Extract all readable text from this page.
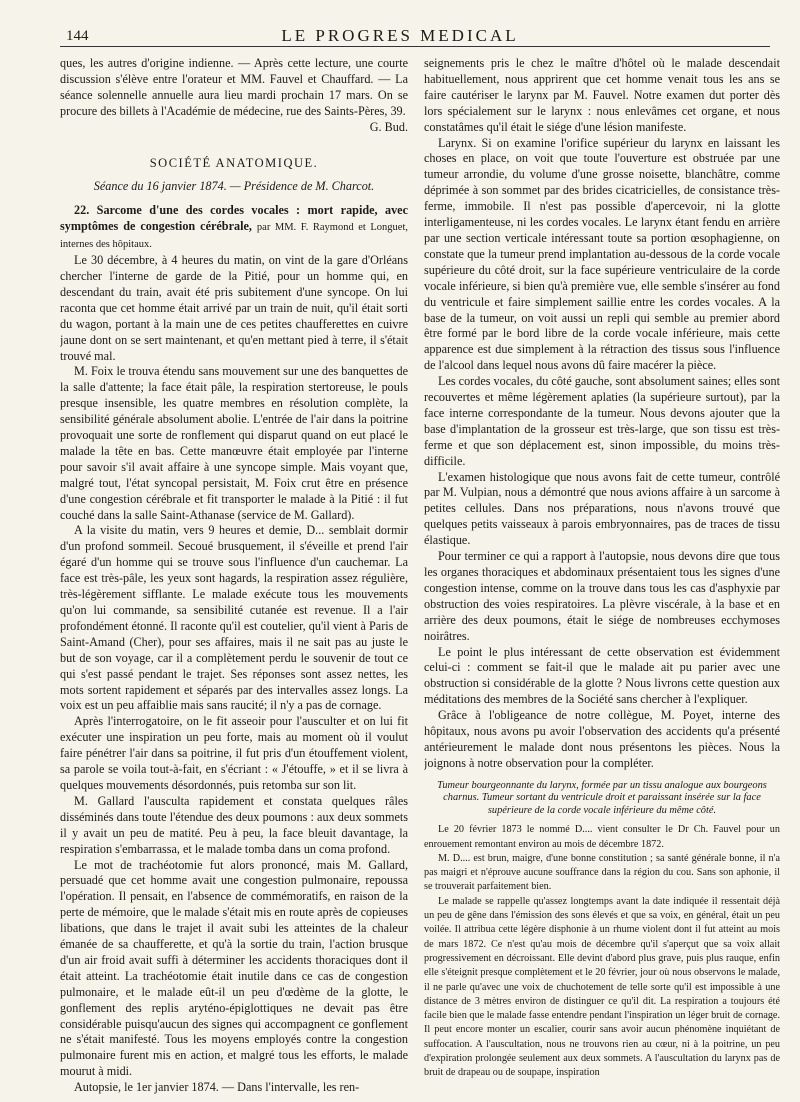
144	LE PROGRES MEDICAL

ques, les autres d'origine indienne. — Après cette lecture, une courte discussion s'élève entre l'orateur et MM. Fauvel et Chauffard. — La séance solennelle annuelle aura lieu mardi prochain 17 mars. On se procure des billets à l'Académie de médecine, rue des Saints-Pères, 39.

G. Bud.

SOCIÉTÉ ANATOMIQUE.
Séance du 16 janvier 1874. — Présidence de M. Charcot.

22. Sarcome d'une des cordes vocales : mort rapide, avec symptômes de congestion cérébrale, par MM. F. Raymond et Longuet, internes des hôpitaux.

Le 30 décembre, à 4 heures du matin, on vint de la gare d'Orléans chercher l'interne de garde de la Pitié, pour un homme qui, en descendant du train, avait été pris subitement d'une syncope. On lui raconta que cet homme était arrivé par un train de nuit, qu'il était sorti du wagon, portant à la main une de ces petites chaufferettes en cuivre jaune dont on se sert maintenant, et qu'en mettant pied à terre, il s'était trouvé mal.

M. Foix le trouva étendu sans mouvement sur une des banquettes de la salle d'attente; la face était pâle, la respiration stertoreuse, le pouls presque insensible, les quatre membres en résolution complète, la sensibilité générale absolument abolie. L'entrée de l'air dans la poitrine provoquait une sorte de ronflement qui disparut quand on eut placé le malade la tête en bas. Cette manœuvre était employée par l'interne pour savoir s'il avait affaire à une syncope simple. Mais voyant que, malgré tout, l'état syncopal persistait, M. Foix crut être en présence d'une congestion cérébrale et fit transporter le malade à la Pitié : il fut couché dans la salle Saint-Athanase (service de M. Gallard).

A la visite du matin, vers 9 heures et demie, D... semblait dormir d'un profond sommeil. Secoué brusquement, il s'éveille et prend l'air égaré d'un homme qui se trouve sous l'influence d'un cauchemar. La face est très-pâle, les yeux sont hagards, la respiration assez régulière, très-légèrement sifflante. Le malade exécute tous les mouvements qu'on lui commande, sa sensibilité cutanée est revenue. Il a l'air profondément étonné. Il raconte qu'il est coutelier, qu'il vient à Paris de Saint-Amand (Cher), pour ses affaires, mais il ne sait pas au juste le but de son voyage, car il a complètement perdu le souvenir de tout ce qui s'est passé pendant le trajet. Ses réponses sont assez nettes, les mots sortent rapidement et séparés par des intervalles assez longs. La voix est un peu affaiblie mais sans raucité; il n'y a pas de cornage.

Après l'interrogatoire, on le fit asseoir pour l'ausculter et on lui fit exécuter une inspiration un peu forte, mais au moment où il voulut faire pénétrer l'air dans sa poitrine, il fut pris d'un étouffement violent, sa parole se voila tout-à-fait, en s'écriant : « J'étouffe, » et il se livra à quelques mouvements désordonnés, puis retomba sur son lit.

M. Gallard l'ausculta rapidement et constata quelques râles disséminés dans toute l'étendue des deux poumons : aux deux sommets il y avait un peu de matité. Peu à peu, la face bleuit davantage, la respiration s'embarrassa, et le malade tomba dans un coma profond.

Le mot de trachéotomie fut alors prononcé, mais M. Gallard, persuadé que cet homme avait une congestion pulmonaire, repoussa l'opération. Il pensait, en l'absence de commémoratifs, en raison de la perte de mémoire, que le malade s'était mis en route après de copieuses libations, que dans le trajet il avait subi les atteintes de la chaleur émanée de sa chaufferette, et qu'à la sortie du train, l'action brusque d'un air froid avait suffi à déterminer les accidents thoraciques dont il était atteint. La trachéotomie était inutile dans ce cas de congestion pulmonaire, et le malade eût-il un peu d'œdème de la glotte, le gonflement des replis aryténo-épiglottiques ne devait pas être considérable puisqu'aucun des signes qui accompagnent ce gonflement ne s'était manifesté. Tous les moyens employés contre la congestion pulmonaire furent mis en action, et malgré tous les efforts, le malade mourut à midi.

Autopsie, le 1er janvier 1874. — Dans l'intervalle, les ren-

seignements pris le chez le maître d'hôtel où le malade descendait habituellement, nous apprirent que cet homme venait tous les ans se faire cautériser le larynx par M. Fauvel. Notre examen dut porter dès lors spécialement sur le larynx : nous enlevâmes cet organe, et nous constatâmes qu'il était le siége d'une lésion manifeste.

Larynx. Si on examine l'orifice supérieur du larynx en laissant les choses en place, on voit que toute l'ouverture est obstruée par une tumeur arrondie, du volume d'une grosse noisette, blanchâtre, comme déprimée à son sommet par des brides cicatricielles, de consistance très-ferme, immobile. Il n'est pas possible d'apercevoir, ni la glotte interligamenteuse, ni les cordes vocales. Le larynx étant fendu en arrière par une section verticale intéressant toute sa portion œsophagienne, on constate que la tumeur prend implantation au-dessous de la corde vocale supérieure du côté droit, sur la face supérieure ventriculaire de la corde vocale inférieure, si bien qu'à première vue, elle semble s'insérer au fond du ventricule et faire simplement saillie entre les cordes vocales. A la base de la tumeur, on voit aussi un repli qui semble au premier abord être formé par le bord libre de la corde vocale inférieure, mais cette apparence est due simplement à la rétraction des tissus sous l'influence de l'alcool dans lequel nous avons dû faire macérer la pièce.

Les cordes vocales, du côté gauche, sont absolument saines; elles sont recouvertes et même légèrement aplaties (la supérieure surtout), par la face interne correspondante de la tumeur. Nous devons ajouter que la base d'implantation de la grosseur est très-large, que son tissu est très-ferme et que son déplacement est, sinon impossible, du moins très-difficile.

L'examen histologique que nous avons fait de cette tumeur, contrôlé par M. Vulpian, nous a démontré que nous avions affaire à un sarcome à petites cellules. Dans nos préparations, nous n'avons trouvé que quelques petits vaisseaux à parois embryonnaires, pas de traces de tissu élastique.

Pour terminer ce qui a rapport à l'autopsie, nous devons dire que tous les organes thoraciques et abdominaux présentaient tous les signes d'une congestion intense, comme on la trouve dans tous les cas d'asphyxie par obstruction des voies respiratoires. La plèvre viscérale, à la base et en arrière des deux poumons, était le siége de nombreuses ecchymoses noirâtres.

Le point le plus intéressant de cette observation est évidemment celui-ci : comment se fait-il que le malade ait pu parier avec une obstruction si considérable de la glotte ? Nous livrons cette question aux méditations des membres de la Société sans chercher à l'expliquer.

Grâce à l'obligeance de notre collègue, M. Poyet, interne des hôpitaux, nous avons pu avoir l'observation des accidents qu'a présenté antérieurement le malade dont nous présentons les pièces. Nous la joignons à notre observation pour la compléter.

Tumeur bourgeonnante du larynx, formée par un tissu analogue aux bourgeons charnus. Tumeur sortant du ventricule droit et paraissant insérée sur la face supérieure de la corde vocale inférieure du même côté.

Le 20 février 1873 le nommé D.... vient consulter le Dr Ch. Fauvel pour un enrouement remontant environ au mois de décembre 1872.

M. D.... est brun, maigre, d'une bonne constitution ; sa santé générale bonne, il n'a pas maigri et n'éprouve aucune souffrance dans la région du cou. Sans son aphonie, il se trouverait parfaitement bien.

Le malade se rappelle qu'assez longtemps avant la date indiquée il ressentait déjà un peu de gêne dans l'émission des sons élevés et que sa voix, en général, était un peu voilée. Il attribua cette légère disphonie à un rhume violent dont il fut atteint au mois de mars 1872. Ce n'est qu'au mois de décembre qu'il s'aperçut que sa voix allait progressivement en décroissant. Elle devint d'abord plus grave, puis plus rauque, enfin elle s'éteignit presque complètement et le 20 février, jour où nous observons le malade, il ne parle qu'avec une voix de chuchotement de telle sorte qu'il est impossible à une distance de 3 mètres environ de distinguer ce qu'il dit. La respiration a toujours été facile bien que le malade fasse entendre pendant l'inspiration un léger bruit de cornage. Il peut encore monter un escalier, courir sans avoir aucun phénomène inquiétant de suffocation. A l'auscultation, nous ne trouvons rien au cœur, ni à la poitrine, un peu d'expiration prolongée seulement aux deux sommets. A l'auscultation du larynx pas de bruit de drapeau ou de soupape, inspiration
